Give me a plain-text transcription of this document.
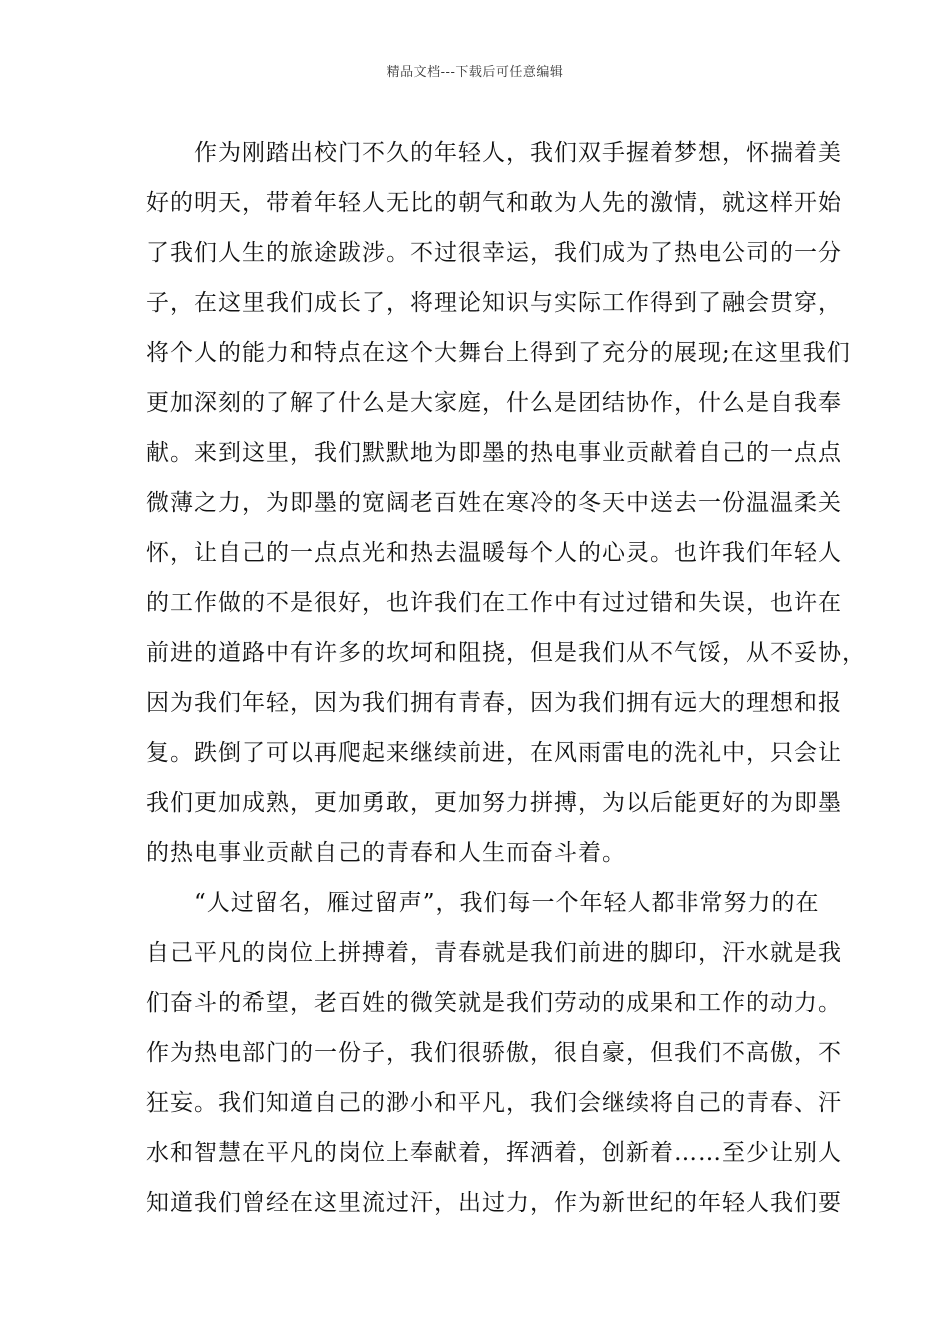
精品文档---下载后可任意编辑

　　作为刚踏出校门不久的年轻人，我们双手握着梦想，怀揣着美
好的明天，带着年轻人无比的朝气和敢为人先的激情，就这样开始
了我们人生的旅途跋涉。不过很幸运，我们成为了热电公司的一分
子，在这里我们成长了，将理论知识与实际工作得到了融会贯穿，
将个人的能力和特点在这个大舞台上得到了充分的展现;在这里我们
更加深刻的了解了什么是大家庭，什么是团结协作，什么是自我奉
献。来到这里，我们默默地为即墨的热电事业贡献着自己的一点点
微薄之力，为即墨的宽阔老百姓在寒冷的冬天中送去一份温温柔关
怀，让自己的一点点光和热去温暖每个人的心灵。也许我们年轻人
的工作做的不是很好，也许我们在工作中有过过错和失误，也许在
前进的道路中有许多的坎坷和阻挠，但是我们从不气馁，从不妥协，
因为我们年轻，因为我们拥有青春，因为我们拥有远大的理想和报
复。跌倒了可以再爬起来继续前进，在风雨雷电的洗礼中，只会让
我们更加成熟，更加勇敢，更加努力拼搏，为以后能更好的为即墨
的热电事业贡献自己的青春和人生而奋斗着。

　　“人过留名，雁过留声”，我们每一个年轻人都非常努力的在
自己平凡的岗位上拼搏着，青春就是我们前进的脚印，汗水就是我
们奋斗的希望，老百姓的微笑就是我们劳动的成果和工作的动力。
作为热电部门的一份子，我们很骄傲，很自豪，但我们不高傲，不
狂妄。我们知道自己的渺小和平凡，我们会继续将自己的青春、汗
水和智慧在平凡的岗位上奉献着，挥洒着，创新着……至少让别人
知道我们曾经在这里流过汗，出过力，作为新世纪的年轻人我们要
